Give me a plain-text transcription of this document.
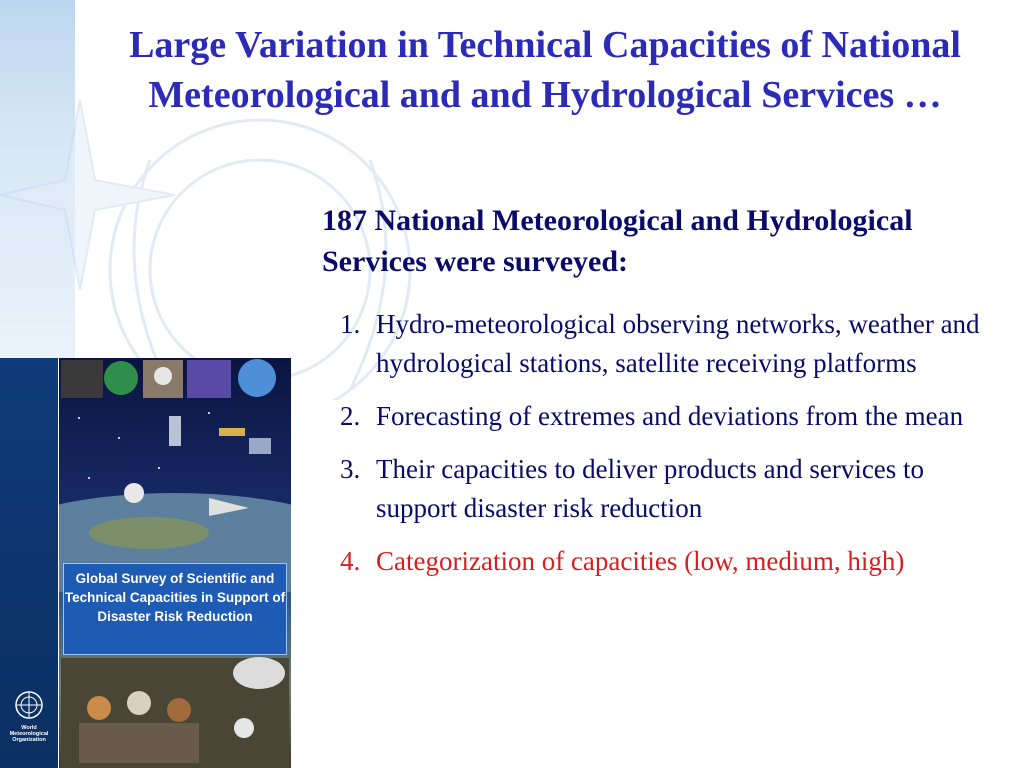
Large Variation in Technical Capacities of National Meteorological and and Hydrological Services …

187 National Meteorological and Hydrological Services were surveyed:

1. Hydro-meteorological observing networks, weather and hydrological stations, satellite receiving platforms
2. Forecasting of extremes and deviations from the mean
3. Their capacities to deliver products and services to support disaster risk reduction
4. Categorization of capacities (low, medium, high)
Global Survey of Scientific and Technical Capacities in Support of Disaster Risk Reduction
World
Meteorological
Organization
